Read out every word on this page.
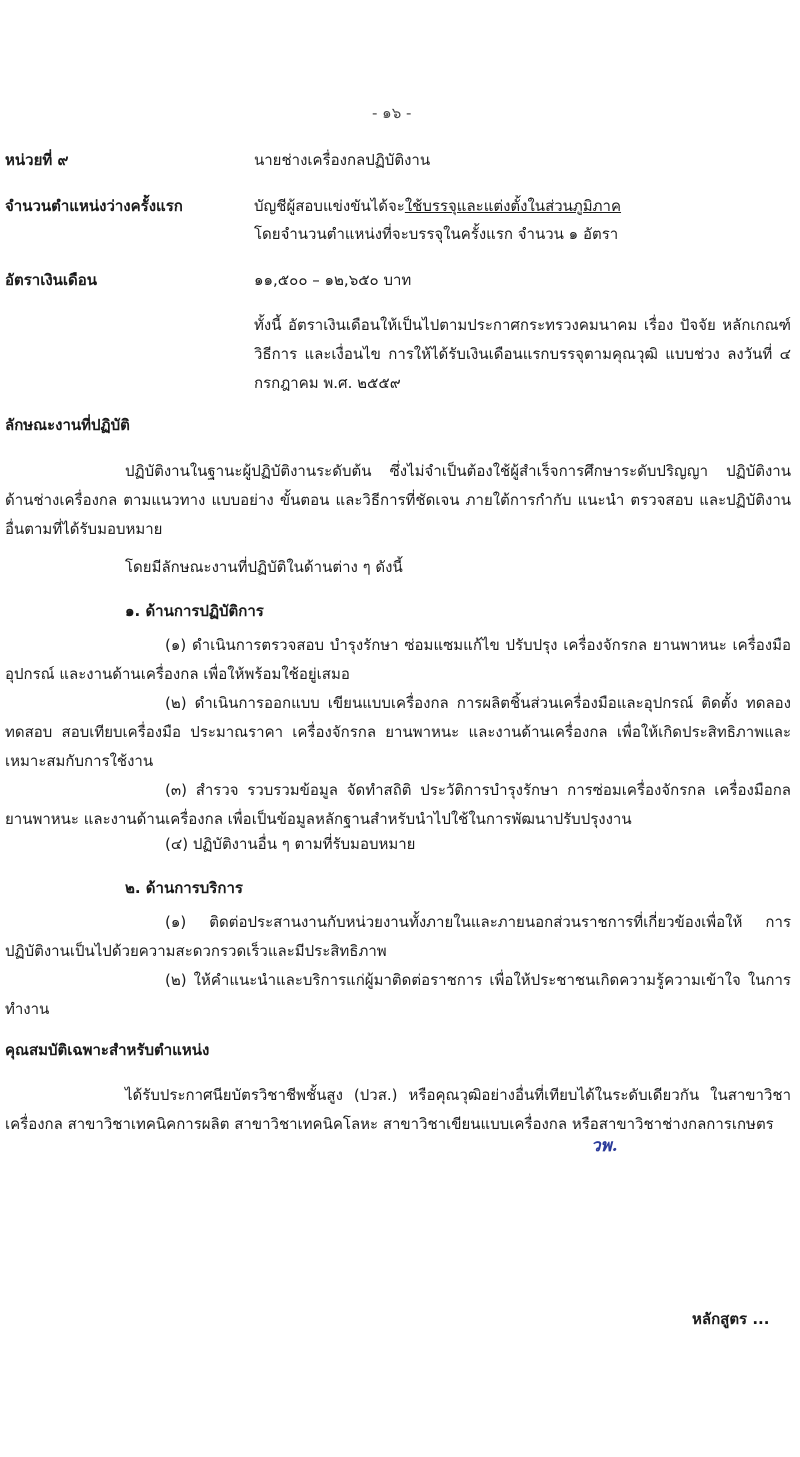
- ๑๖ -
หน่วยที่ ๙	นายช่างเครื่องกลปฏิบัติงาน
จำนวนตำแหน่งว่างครั้งแรก	บัญชีผู้สอบแข่งขันได้จะใช้บรรจุและแต่งตั้งในส่วนภูมิภาค
โดยจำนวนตำแหน่งที่จะบรรจุในครั้งแรก จำนวน ๑ อัตรา
อัตราเงินเดือน	๑๑,๕๐๐ – ๑๒,๖๕๐ บาท
ทั้งนี้ อัตราเงินเดือนให้เป็นไปตามประกาศกระทรวงคมนาคม เรื่อง ปัจจัย หลักเกณฑ์ วิธีการ และเงื่อนไข การให้ได้รับเงินเดือนแรกบรรจุตามคุณวุฒิ แบบช่วง ลงวันที่ ๔ กรกฎาคม พ.ศ. ๒๕๕๙
ลักษณะงานที่ปฏิบัติ
ปฏิบัติงานในฐานะผู้ปฏิบัติงานระดับต้น ซึ่งไม่จำเป็นต้องใช้ผู้สำเร็จการศึกษาระดับปริญญา ปฏิบัติงานด้านช่างเครื่องกล ตามแนวทาง แบบอย่าง ขั้นตอน และวิธีการที่ชัดเจน ภายใต้การกำกับ แนะนำ ตรวจสอบ และปฏิบัติงานอื่นตามที่ได้รับมอบหมาย
โดยมีลักษณะงานที่ปฏิบัติในด้านต่าง ๆ ดังนี้
๑. ด้านการปฏิบัติการ
(๑) ดำเนินการตรวจสอบ บำรุงรักษา ซ่อมแซมแก้ไข ปรับปรุง เครื่องจักรกล ยานพาหนะ เครื่องมือ อุปกรณ์ และงานด้านเครื่องกล เพื่อให้พร้อมใช้อยู่เสมอ
(๒) ดำเนินการออกแบบ เขียนแบบเครื่องกล การผลิตชิ้นส่วนเครื่องมือและอุปกรณ์ ติดตั้ง ทดลอง ทดสอบ สอบเทียบเครื่องมือ ประมาณราคา เครื่องจักรกล ยานพาหนะ และงานด้านเครื่องกล เพื่อให้เกิดประสิทธิภาพและเหมาะสมกับการใช้งาน
(๓) สำรวจ รวบรวมข้อมูล จัดทำสถิติ ประวัติการบำรุงรักษา การซ่อมเครื่องจักรกล เครื่องมือกล ยานพาหนะ และงานด้านเครื่องกล เพื่อเป็นข้อมูลหลักฐานสำหรับนำไปใช้ในการพัฒนาปรับปรุงงาน
(๔) ปฏิบัติงานอื่น ๆ ตามที่รับมอบหมาย
๒. ด้านการบริการ
(๑) ติดต่อประสานงานกับหน่วยงานทั้งภายในและภายนอกส่วนราชการที่เกี่ยวข้องเพื่อให้ การปฏิบัติงานเป็นไปด้วยความสะดวกรวดเร็วและมีประสิทธิภาพ
(๒) ให้คำแนะนำและบริการแก่ผู้มาติดต่อราชการ เพื่อให้ประชาชนเกิดความรู้ความเข้าใจ ในการทำงาน
คุณสมบัติเฉพาะสำหรับตำแหน่ง
ได้รับประกาศนียบัตรวิชาชีพชั้นสูง (ปวส.) หรือคุณวุฒิอย่างอื่นที่เทียบได้ในระดับเดียวกัน ในสาขาวิชาเครื่องกล สาขาวิชาเทคนิคการผลิต สาขาวิชาเทคนิคโลหะ สาขาวิชาเขียนแบบเครื่องกล หรือสาขาวิชาช่างกลการเกษตร
วพ.
หลักสูตร ...
